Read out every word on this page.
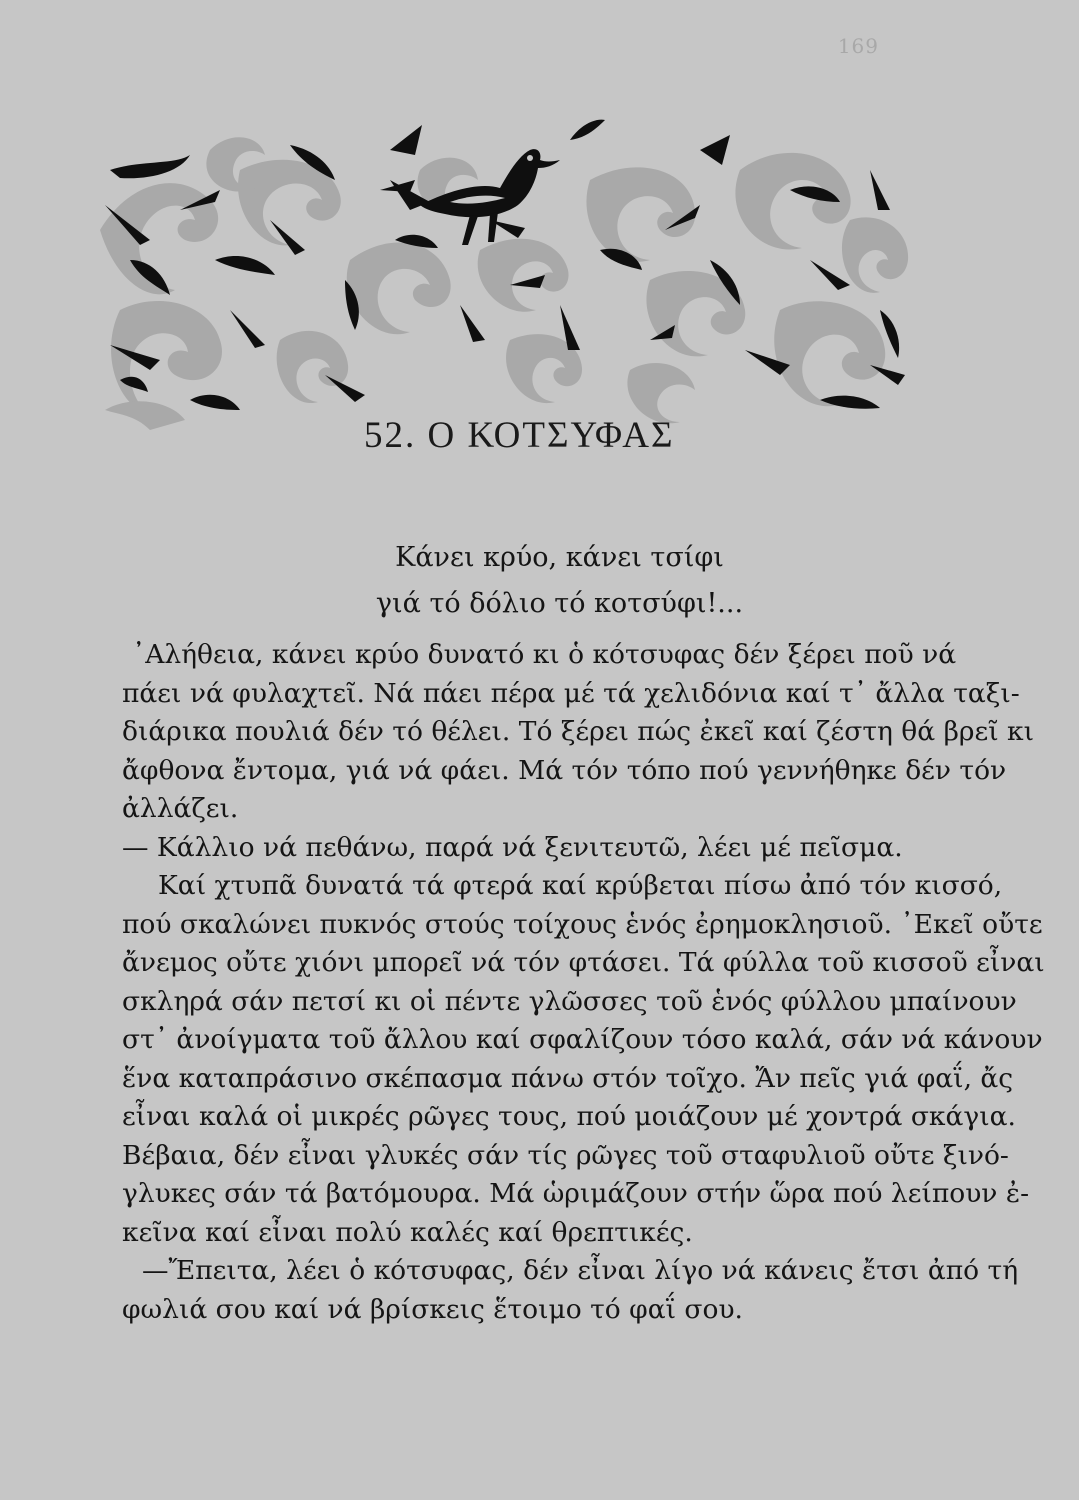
169
52. Ο ΚΟΤΣΥΦΑΣ
Κάνει κρύο, κάνει τσίφι
γιά τό δόλιο τό κοτσύφι!...
᾿Αλήθεια, κάνει κρύο δυνατό κι ὁ κότσυφας δέν ξέρει ποῦ νά
πάει νά φυλαχτεῖ. Νά πάει πέρα μέ τά χελιδόνια καί τ᾿ ἄλλα ταξι-
διάρικα πουλιά δέν τό θέλει. Τό ξέρει πώς ἐκεῖ καί ζέστη θά βρεῖ κι
ἄφθονα ἔντομα, γιά νά φάει. Μά τόν τόπο πού γεννήθηκε δέν τόν
ἀλλάζει.
— Κάλλιο νά πεθάνω, παρά νά ξενιτευτῶ, λέει μέ πεῖσμα.
Καί χτυπᾶ δυνατά τά φτερά καί κρύβεται πίσω ἀπό τόν κισσό,
πού σκαλώνει πυκνός στούς τοίχους ἑνός ἐρημοκλησιοῦ. ᾿Εκεῖ οὔτε
ἄνεμος οὔτε χιόνι μπορεῖ νά τόν φτάσει. Τά φύλλα τοῦ κισσοῦ εἶναι
σκληρά σάν πετσί κι οἱ πέντε γλῶσσες τοῦ ἑνός φύλλου μπαίνουν
στ᾿ ἀνοίγματα τοῦ ἄλλου καί σφαλίζουν τόσο καλά, σάν νά κάνουν
ἕνα καταπράσινο σκέπασμα πάνω στόν τοῖχο. Ἄν πεῖς γιά φαΐ, ἄς
εἶναι καλά οἱ μικρές ρῶγες τους, πού μοιάζουν μέ χοντρά σκάγια.
Βέβαια, δέν εἶναι γλυκές σάν τίς ρῶγες τοῦ σταφυλιοῦ οὔτε ξινό-
γλυκες σάν τά βατόμουρα. Μά ὡριμάζουν στήν ὥρα πού λείπουν ἐ-
κεῖνα καί εἶναι πολύ καλές καί θρεπτικές.
—Ἔπειτα, λέει ὁ κότσυφας, δέν εἶναι λίγο νά κάνεις ἔτσι ἀπό τή
φωλιά σου καί νά βρίσκεις ἕτοιμο τό φαΐ σου.
